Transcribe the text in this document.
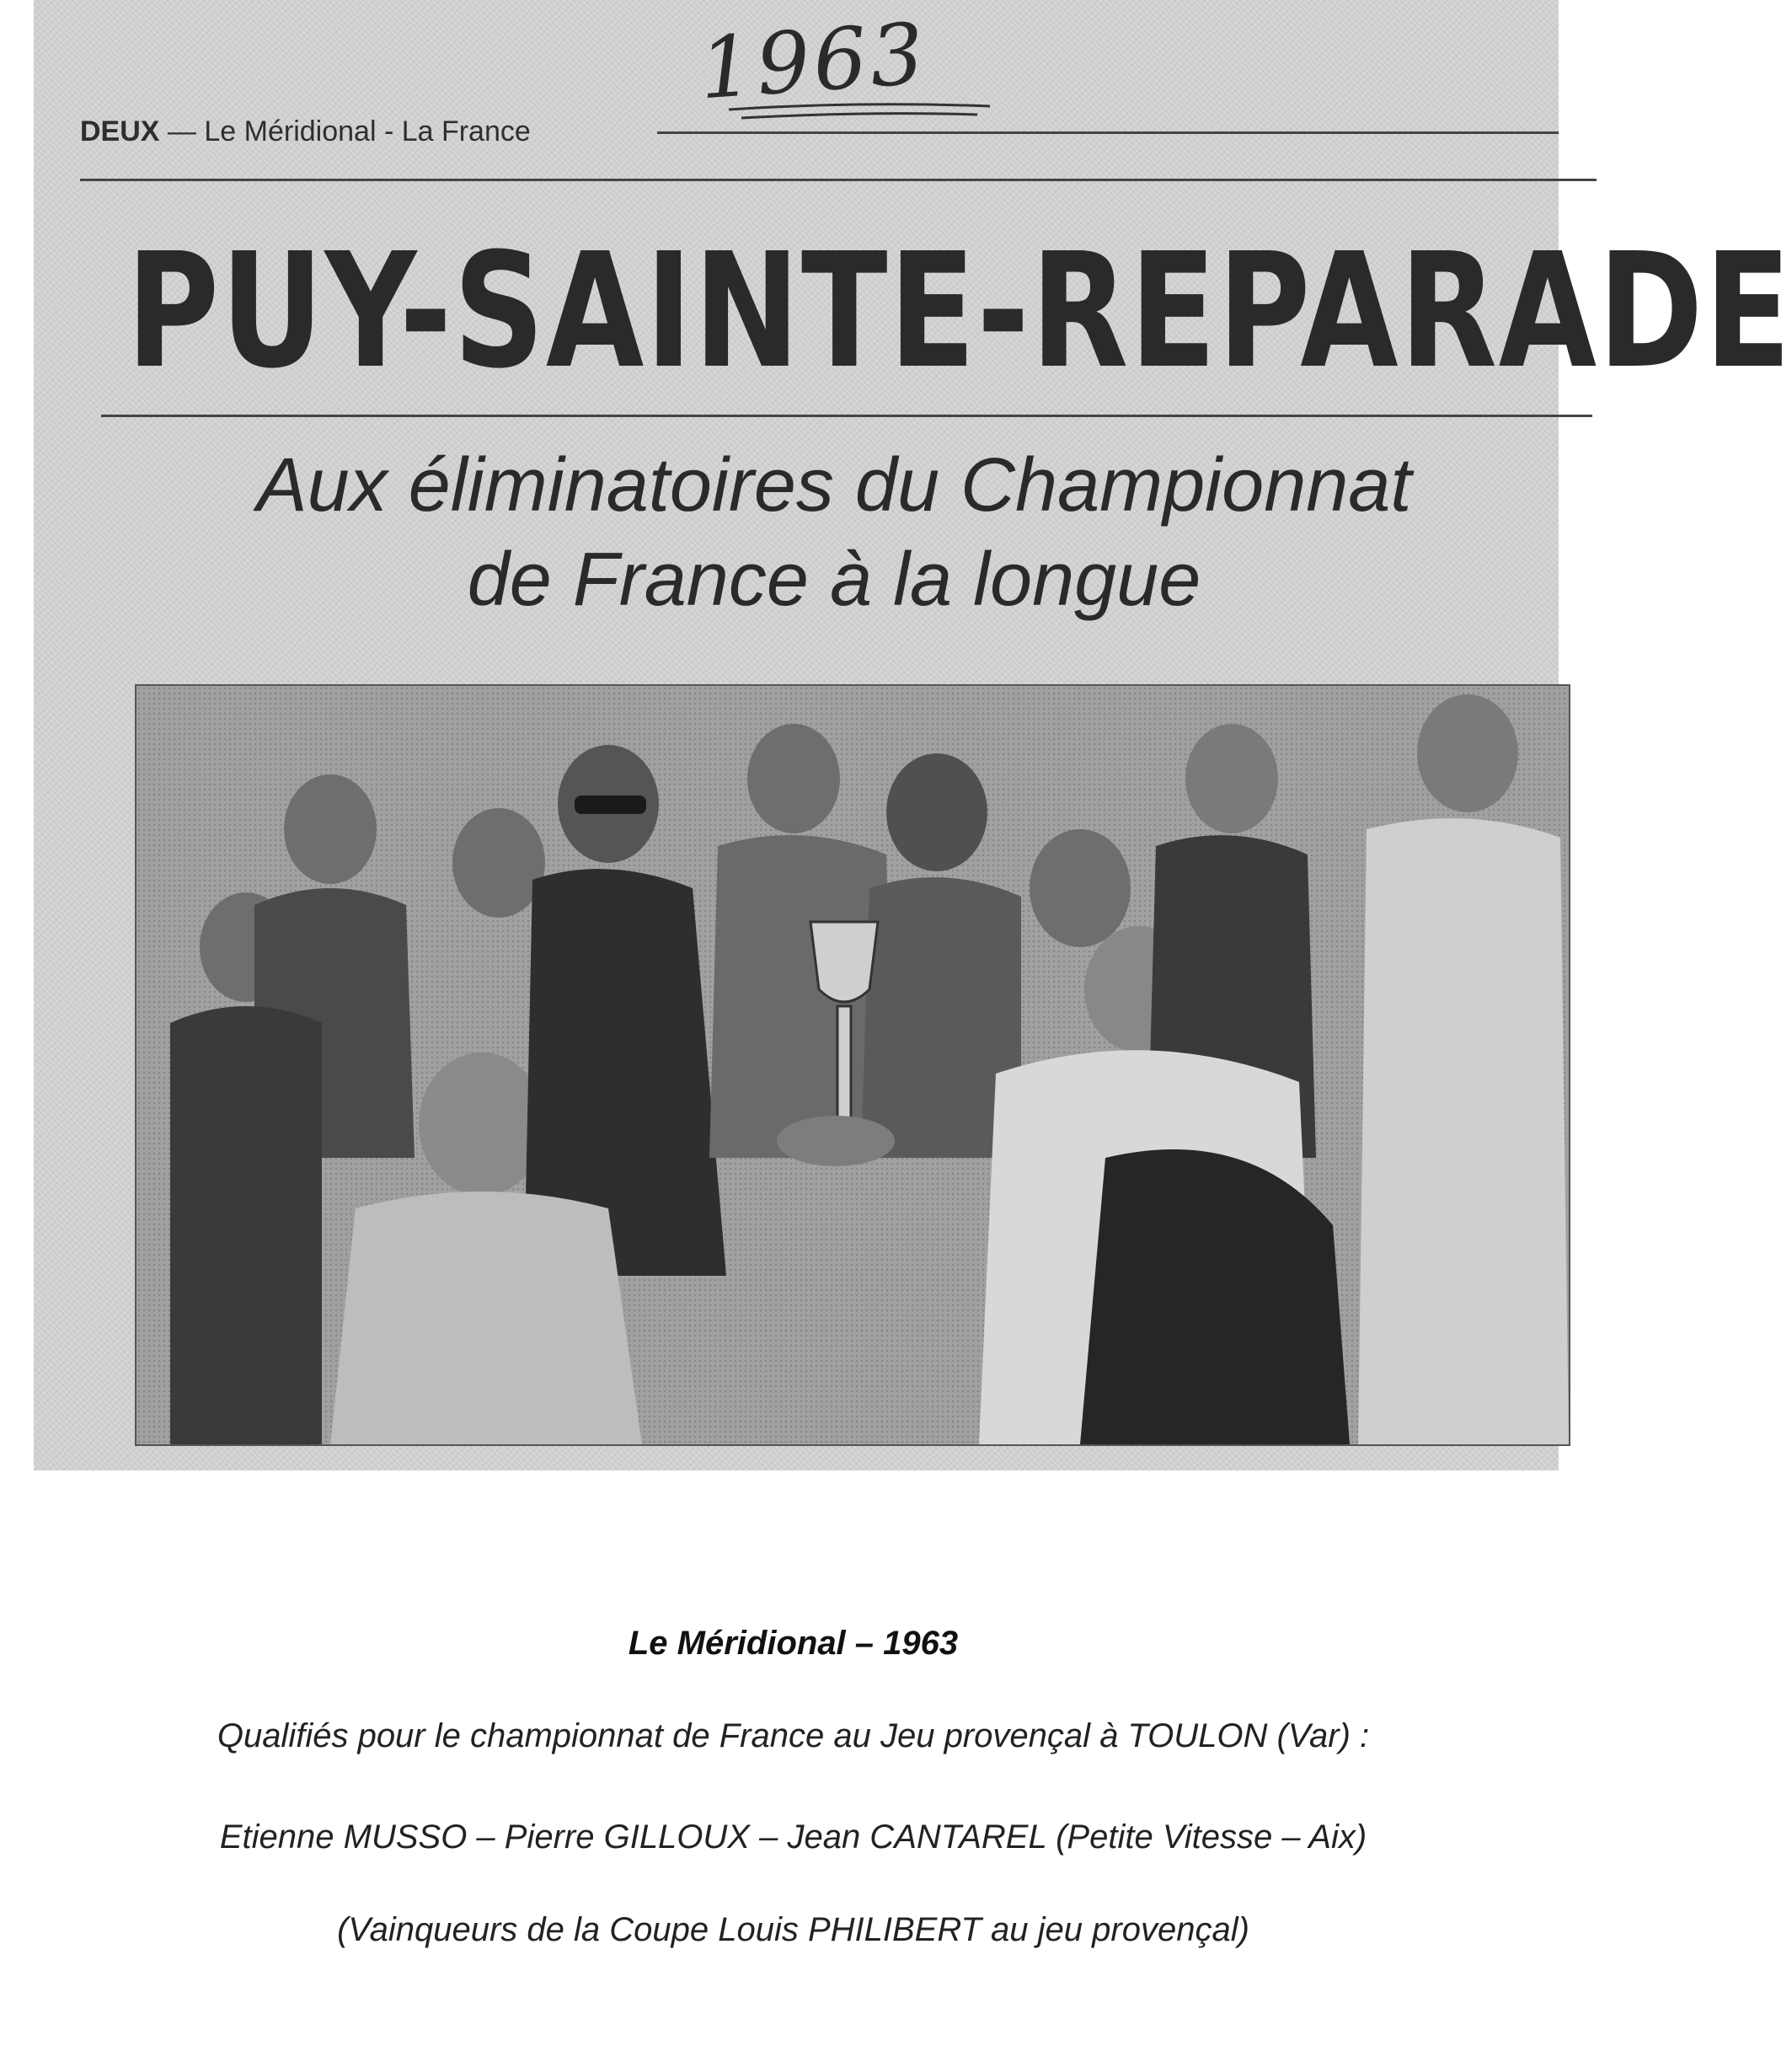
1963
DEUX — Le Méridional - La France
PUY-SAINTE-REPARADE
Aux éliminatoires du Championnat
de France à la longue
Le Méridional – 1963
Qualifiés pour le championnat de France au Jeu provençal à TOULON (Var) :
Etienne MUSSO – Pierre GILLOUX – Jean CANTAREL (Petite Vitesse – Aix)
(Vainqueurs de la Coupe Louis PHILIBERT au jeu provençal)
